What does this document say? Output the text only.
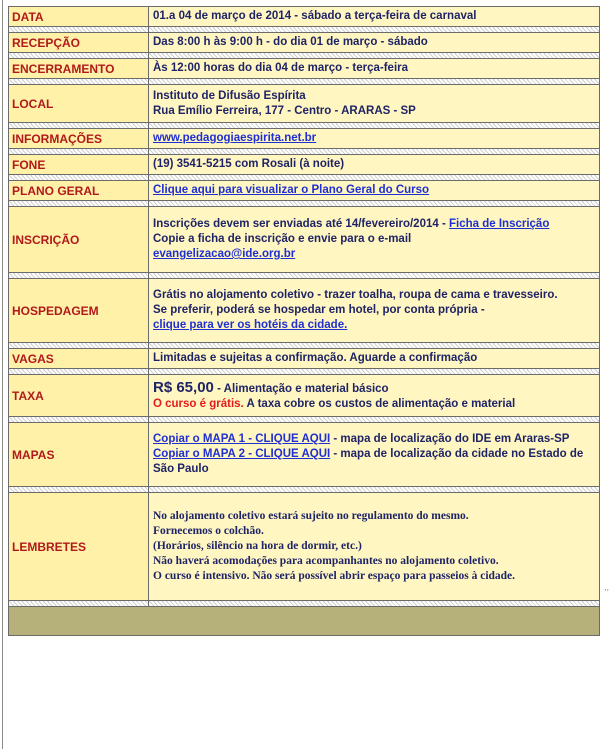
,,
DATA	01.a 04 de março de 2014 - sábado a terça-feira de carnaval

RECEPÇÃO	Das 8:00 h às 9:00 h - do dia 01 de março - sábado

ENCERRAMENTO	Às 12:00 horas do dia 04 de março - terça-feira

LOCAL	Instituto de Difusão Espírita
Rua Emílio Ferreira, 177 - Centro - ARARAS - SP

INFORMAÇÕES	www.pedagogiaespirita.net.br

FONE	(19) 3541-5215 com Rosali (à noite)

PLANO GERAL	Clique aqui para visualizar o Plano Geral do Curso

INSCRIÇÃO	Inscrições devem ser enviadas até 14/fevereiro/2014 - Ficha de Inscrição
Copie a ficha de inscrição e envie para o e-mail
evangelizacao@ide.org.br

HOSPEDAGEM	Grátis no alojamento coletivo - trazer toalha, roupa de cama e travesseiro.
Se preferir, poderá se hospedar em hotel, por conta própria -
clique para ver os hotéis da cidade.

VAGAS	Limitadas e sujeitas a confirmação. Aguarde a confirmação

TAXA	R$ 65,00 - Alimentação e material básico
O curso é grátis. A taxa cobre os custos de alimentação e material

MAPAS	Copiar o MAPA 1 - CLIQUE AQUI - mapa de localização do IDE em Araras-SP
Copiar o MAPA 2 - CLIQUE AQUI - mapa de localização da cidade no Estado de São Paulo

LEMBRETES	No alojamento coletivo estará sujeito no regulamento do mesmo.
Fornecemos o colchão.
(Horários, silêncio na hora de dormir, etc.)
Não haverá acomodações para acompanhantes no alojamento coletivo.
O curso é intensivo. Não será possível abrir espaço para passeios à cidade.
